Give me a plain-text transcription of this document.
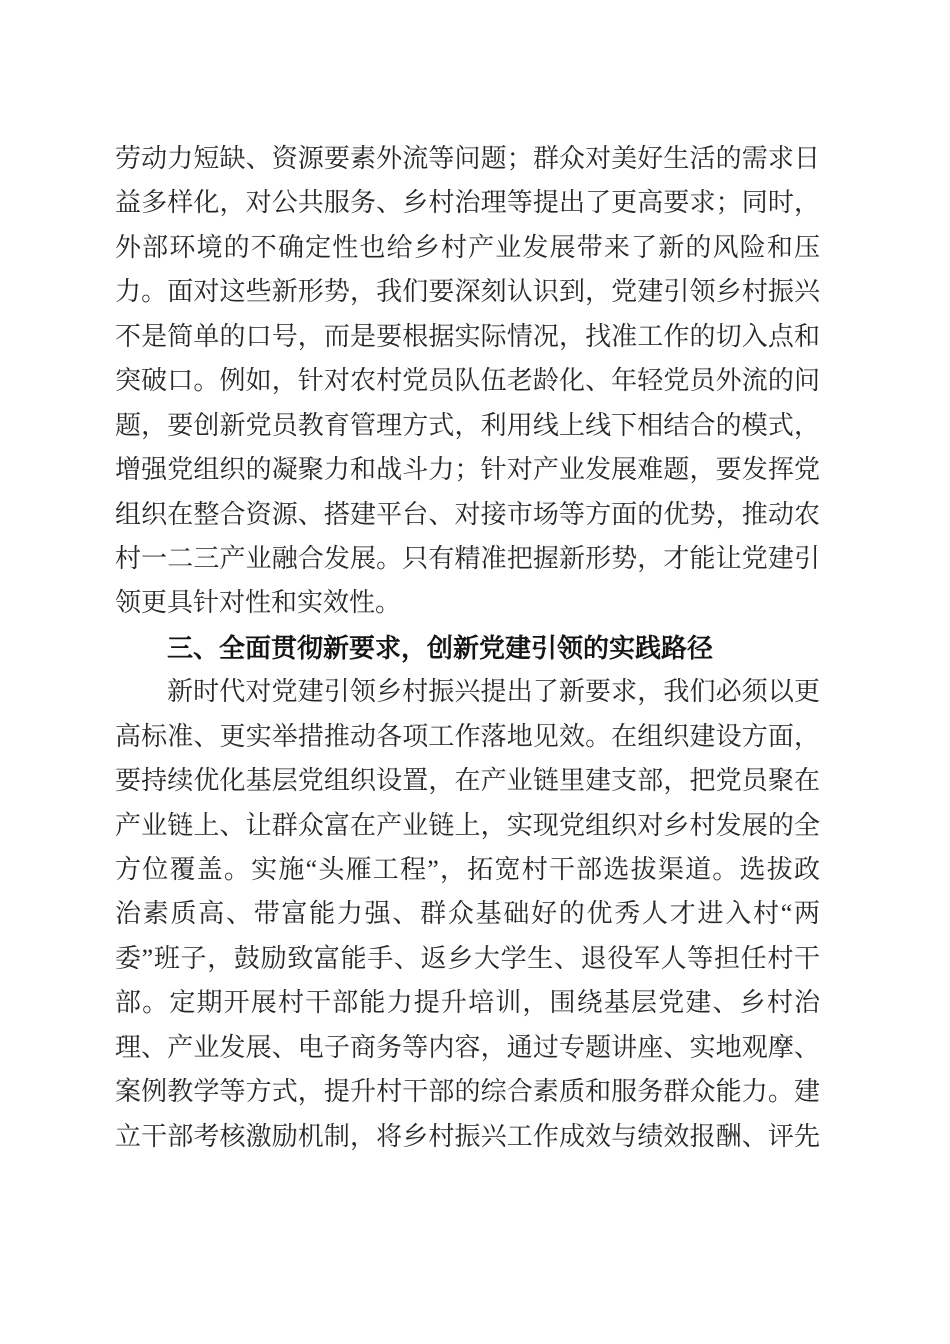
劳动力短缺、资源要素外流等问题；群众对美好生活的需求日
益多样化，对公共服务、乡村治理等提出了更高要求；同时，
外部环境的不确定性也给乡村产业发展带来了新的风险和压
力。面对这些新形势，我们要深刻认识到，党建引领乡村振兴
不是简单的口号，而是要根据实际情况，找准工作的切入点和
突破口。例如，针对农村党员队伍老龄化、年轻党员外流的问
题，要创新党员教育管理方式，利用线上线下相结合的模式，
增强党组织的凝聚力和战斗力；针对产业发展难题，要发挥党
组织在整合资源、搭建平台、对接市场等方面的优势，推动农
村一二三产业融合发展。只有精准把握新形势，才能让党建引
领更具针对性和实效性。
三、全面贯彻新要求，创新党建引领的实践路径
新时代对党建引领乡村振兴提出了新要求，我们必须以更
高标准、更实举措推动各项工作落地见效。在组织建设方面，
要持续优化基层党组织设置，在产业链里建支部，把党员聚在
产业链上、让群众富在产业链上，实现党组织对乡村发展的全
方位覆盖。实施“头雁工程”，拓宽村干部选拔渠道。选拔政
治素质高、带富能力强、群众基础好的优秀人才进入村“两
委”班子，鼓励致富能手、返乡大学生、退役军人等担任村干
部。定期开展村干部能力提升培训，围绕基层党建、乡村治
理、产业发展、电子商务等内容，通过专题讲座、实地观摩、
案例教学等方式，提升村干部的综合素质和服务群众能力。建
立干部考核激励机制，将乡村振兴工作成效与绩效报酬、评先
